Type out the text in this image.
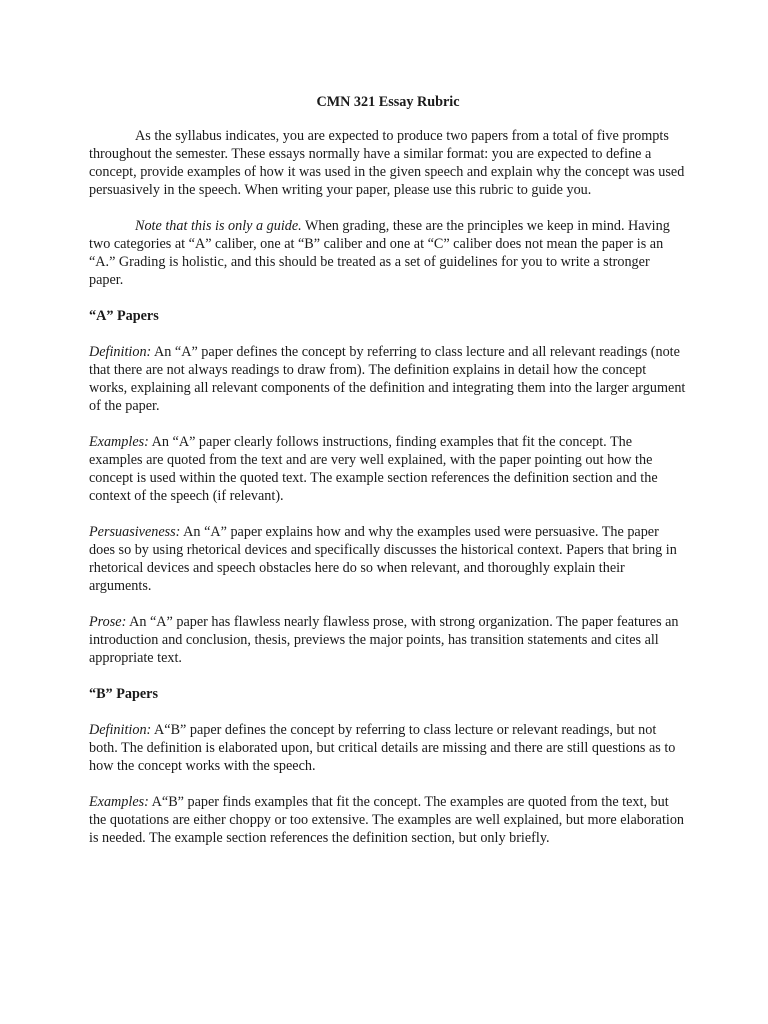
CMN 321 Essay Rubric

As the syllabus indicates, you are expected to produce two papers from a total of five prompts throughout the semester. These essays normally have a similar format: you are expected to define a concept, provide examples of how it was used in the given speech and explain why the concept was used persuasively in the speech. When writing your paper, please use this rubric to guide you.

Note that this is only a guide. When grading, these are the principles we keep in mind. Having two categories at “A” caliber, one at “B” caliber and one at “C” caliber does not mean the paper is an “A.” Grading is holistic, and this should be treated as a set of guidelines for you to write a stronger paper.

“A” Papers

Definition: An “A” paper defines the concept by referring to class lecture and all relevant readings (note that there are not always readings to draw from). The definition explains in detail how the concept works, explaining all relevant components of the definition and integrating them into the larger argument of the paper.

Examples: An “A” paper clearly follows instructions, finding examples that fit the concept. The examples are quoted from the text and are very well explained, with the paper pointing out how the concept is used within the quoted text. The example section references the definition section and the context of the speech (if relevant).

Persuasiveness: An “A” paper explains how and why the examples used were persuasive. The paper does so by using rhetorical devices and specifically discusses the historical context. Papers that bring in rhetorical devices and speech obstacles here do so when relevant, and thoroughly explain their arguments.

Prose: An “A” paper has flawless nearly flawless prose, with strong organization. The paper features an introduction and conclusion, thesis, previews the major points, has transition statements and cites all appropriate text.

“B” Papers

Definition: A“B” paper defines the concept by referring to class lecture or relevant readings, but not both. The definition is elaborated upon, but critical details are missing and there are still questions as to how the concept works with the speech.

Examples: A“B” paper finds examples that fit the concept. The examples are quoted from the text, but the quotations are either choppy or too extensive. The examples are well explained, but more elaboration is needed. The example section references the definition section, but only briefly.
